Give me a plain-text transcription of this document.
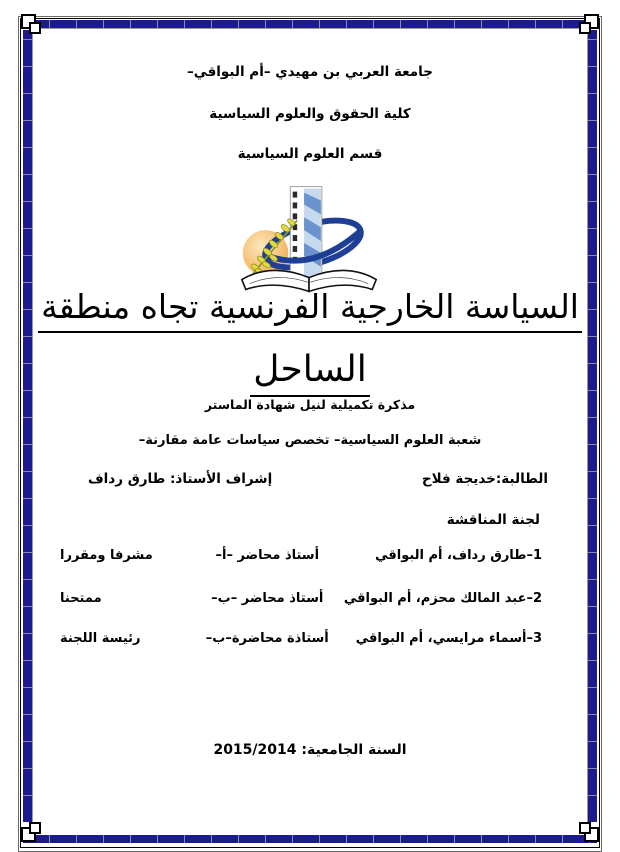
جامعة العربي بن مهيدي –أم البواقي–
كلية الحقوق والعلوم السياسية
قسم العلوم السياسية
السياسة الخارجية الفرنسية تجاه منطقة
الساحل
مذكرة تكميلية لنيل شهادة الماستر
شعبة العلوم السياسية– تخصص سياسات عامة مقارنة–
الطالبة:خديجة فلاح
إشراف الأستاذ: طارق رداف
لجنة المناقشة
1–طارق رداف، أم البواقي
أستاذ محاضر –أ–
مشرفا ومقررا
2–عبد المالك محزم، أم البواقي
أستاذ محاضر –ب–
ممتحنا
3–أسماء مرايسي، أم البواقي
أستاذة محاضرة–ب–
رئيسة اللجنة
السنة الجامعية: 2015/2014
